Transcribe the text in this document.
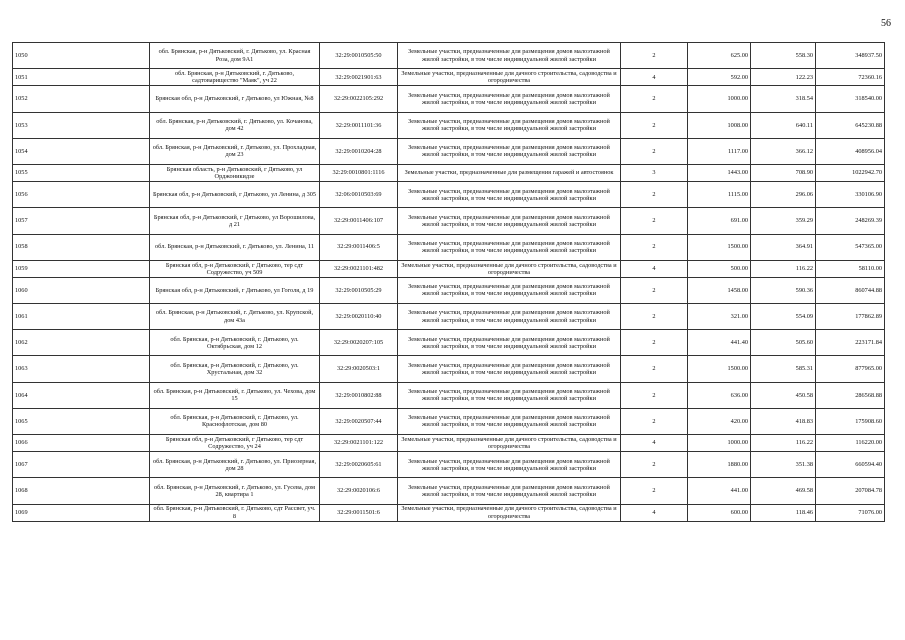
56
1050	обл. Брянская, р-н Дятьковский, г. Дятьково, ул. Красная Роза, дом 9А1	32:29:0010505:50	Земельные участки, предназначенные для размещения домов малоэтажной жилой застройки, в том числе индивидуальной жилой застройки	2	625.00	558.30	348937.50
1051	обл. Брянская, р-н Дятьковский, г. Дятьково, садтоварищество "Маяк", уч 22	32:29:0021901:63	Земельные участки, предназначенные для дачного строительства, садоводства и огородничества	4	592.00	122.23	72360.16
1052	Брянская обл, р-н Дятьковский, г Дятьково, ул Южная, №8	32:29:0022105:292	Земельные участки, предназначенные для размещения домов малоэтажной жилой застройки, в том числе индивидуальной жилой застройки	2	1000.00	318.54	318540.00
1053	обл. Брянская, р-н Дятьковский, г. Дятьково, ул. Кочанова, дом 42	32:29:0011101:36	Земельные участки, предназначенные для размещения домов малоэтажной жилой застройки, в том числе индивидуальной жилой застройки	2	1008.00	640.11	645230.88
1054	обл. Брянская, р-н Дятьковский, г. Дятьково, ул. Прохладная, дом 23	32:29:0010204:28	Земельные участки, предназначенные для размещения домов малоэтажной жилой застройки, в том числе индивидуальной жилой застройки	2	1117.00	366.12	408956.04
1055	Брянская область, р-н Дятьковский, г Дятьково, ул Орджоникидзе	32:29:0010801:1116	Земельные участки, предназначенные для размещения гаражей и автостоянок	3	1443.00	708.90	1022942.70
1056	Брянская обл, р-н Дятьковский, г Дятьково, ул Ленина, д 305	32:06:0010503:69	Земельные участки, предназначенные для размещения домов малоэтажной жилой застройки, в том числе индивидуальной жилой застройки	2	1115.00	296.06	330106.90
1057	Брянская обл, р-н Дятьковский, г Дятьково, ул Ворошилова, д 21	32:29:0011406:107	Земельные участки, предназначенные для размещения домов малоэтажной жилой застройки, в том числе индивидуальной жилой застройки	2	691.00	359.29	248269.39
1058	обл. Брянская, р-н Дятьковский, г. Дятьково, ул. Ленина, 11	32:29:0011406:5	Земельные участки, предназначенные для размещения домов малоэтажной жилой застройки, в том числе индивидуальной жилой застройки	2	1500.00	364.91	547365.00
1059	Брянская обл, р-н Дятьковский, г Дятьково, тер сдт Содружество, уч 509	32:29:0021101:482	Земельные участки, предназначенные для дачного строительства, садоводства и огородничества	4	500.00	116.22	58110.00
1060	Брянская обл, р-н Дятьковский, г Дятьково, ул Гоголя, д 19	32:29:0010505:29	Земельные участки, предназначенные для размещения домов малоэтажной жилой застройки, в том числе индивидуальной жилой застройки	2	1458.00	590.36	860744.88
1061	обл. Брянская, р-н Дятьковский, г. Дятьково, ул. Крупской, дом 43а	32:29:0020110:40	Земельные участки, предназначенные для размещения домов малоэтажной жилой застройки, в том числе индивидуальной жилой застройки	2	321.00	554.09	177862.89
1062	обл. Брянская, р-н Дятьковский, г. Дятьково, ул. Октябрьская, дом 12	32:29:0020207:105	Земельные участки, предназначенные для размещения домов малоэтажной жилой застройки, в том числе индивидуальной жилой застройки	2	441.40	505.60	223171.84
1063	обл. Брянская, р-н Дятьковский, г. Дятьково, ул. Хрустальная, дом 32	32:29:0020503:1	Земельные участки, предназначенные для размещения домов малоэтажной жилой застройки, в том числе индивидуальной жилой застройки	2	1500.00	585.31	877965.00
1064	обл. Брянская, р-н Дятьковский, г. Дятьково, ул. Чехова, дом 15	32:29:0010802:88	Земельные участки, предназначенные для размещения домов малоэтажной жилой застройки, в том числе индивидуальной жилой застройки	2	636.00	450.58	286568.88
1065	обл. Брянская, р-н Дятьковский, г. Дятьково, ул. Краснофлотская, дом 80	32:29:0020507:44	Земельные участки, предназначенные для размещения домов малоэтажной жилой застройки, в том числе индивидуальной жилой застройки	2	420.00	418.83	175908.60
1066	Брянская обл, р-н Дятьковский, г Дятьково, тер сдт Содружество, уч 24	32:29:0021101:122	Земельные участки, предназначенные для дачного строительства, садоводства и огородничества	4	1000.00	116.22	116220.00
1067	обл. Брянская, р-н Дятьковский, г. Дятьково, ул. Приозерная, дом 28	32:29:0020605:61	Земельные участки, предназначенные для размещения домов малоэтажной жилой застройки, в том числе индивидуальной жилой застройки	2	1880.00	351.38	660594.40
1068	обл. Брянская, р-н Дятьковский, г. Дятьково, ул. Гусева, дом 28, квартира 1	32:29:0020106:6	Земельные участки, предназначенные для размещения домов малоэтажной жилой застройки, в том числе индивидуальной жилой застройки	2	441.00	469.58	207084.78
1069	обл. Брянская, р-н Дятьковский, г. Дятьково, сдт Рассвет, уч. 8	32:29:0011501:6	Земельные участки, предназначенные для дачного строительства, садоводства и огородничества	4	600.00	118.46	71076.00
